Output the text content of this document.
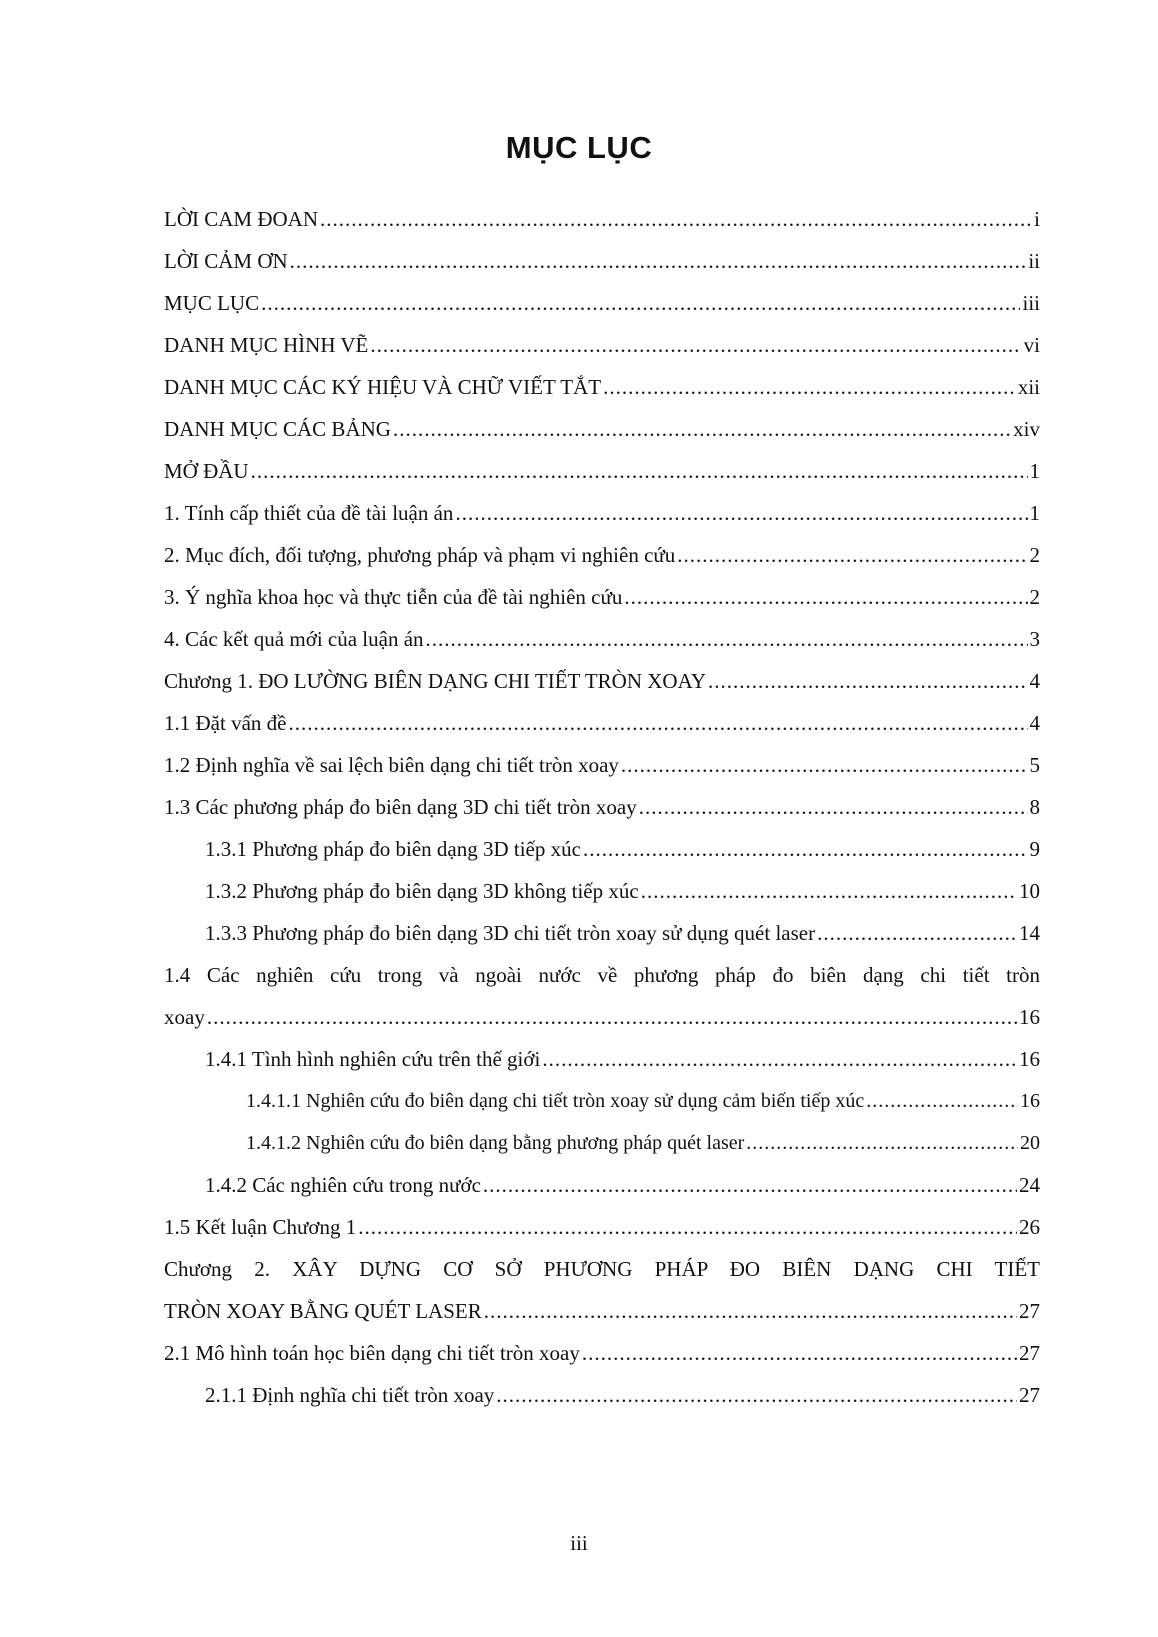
MỤC LỤC
LỜI CAM ĐOAN .....	i
LỜI CẢM ƠN .....	ii
MỤC LỤC .....	iii
DANH MỤC HÌNH VẼ .....	vi
DANH MỤC CÁC KÝ HIỆU VÀ CHỮ VIẾT TẮT .....	xii
DANH MỤC CÁC BẢNG .....	xiv
MỞ ĐẦU .....	1
1. Tính cấp thiết của đề tài luận án .....	1
2. Mục đích, đối tượng, phương pháp và phạm vi nghiên cứu .....	2
3. Ý nghĩa khoa học và thực tiễn của đề tài nghiên cứu .....	2
4. Các kết quả mới của luận án .....	3
Chương 1. ĐO LƯỜNG BIÊN DẠNG CHI TIẾT TRÒN XOAY .....	4
1.1 Đặt vấn đề .....	4
1.2 Định nghĩa về sai lệch biên dạng chi tiết tròn xoay .....	5
1.3 Các phương pháp đo biên dạng 3D chi tiết tròn xoay .....	8
1.3.1 Phương pháp đo biên dạng 3D tiếp xúc .....	9
1.3.2 Phương pháp đo biên dạng 3D không tiếp xúc .....	10
1.3.3 Phương pháp đo biên dạng 3D chi tiết tròn xoay sử dụng quét laser .....	14
1.4 Các nghiên cứu trong và ngoài nước về phương pháp đo biên dạng chi tiết tròn
xoay .....	16
1.4.1 Tình hình nghiên cứu trên thế giới .....	16
1.4.1.1 Nghiên cứu đo biên dạng chi tiết tròn xoay sử dụng cảm biến tiếp xúc .....	16
1.4.1.2 Nghiên cứu đo biên dạng bằng phương pháp quét laser .....	20
1.4.2 Các nghiên cứu trong nước .....	24
1.5 Kết luận Chương 1 .....	26
Chương 2. XÂY DỰNG CƠ SỞ PHƯƠNG PHÁP ĐO BIÊN DẠNG CHI TIẾT
TRÒN XOAY BẰNG QUÉT LASER .....	27
2.1 Mô hình toán học biên dạng chi tiết tròn xoay .....	27
2.1.1 Định nghĩa chi tiết tròn xoay .....	27
iii
